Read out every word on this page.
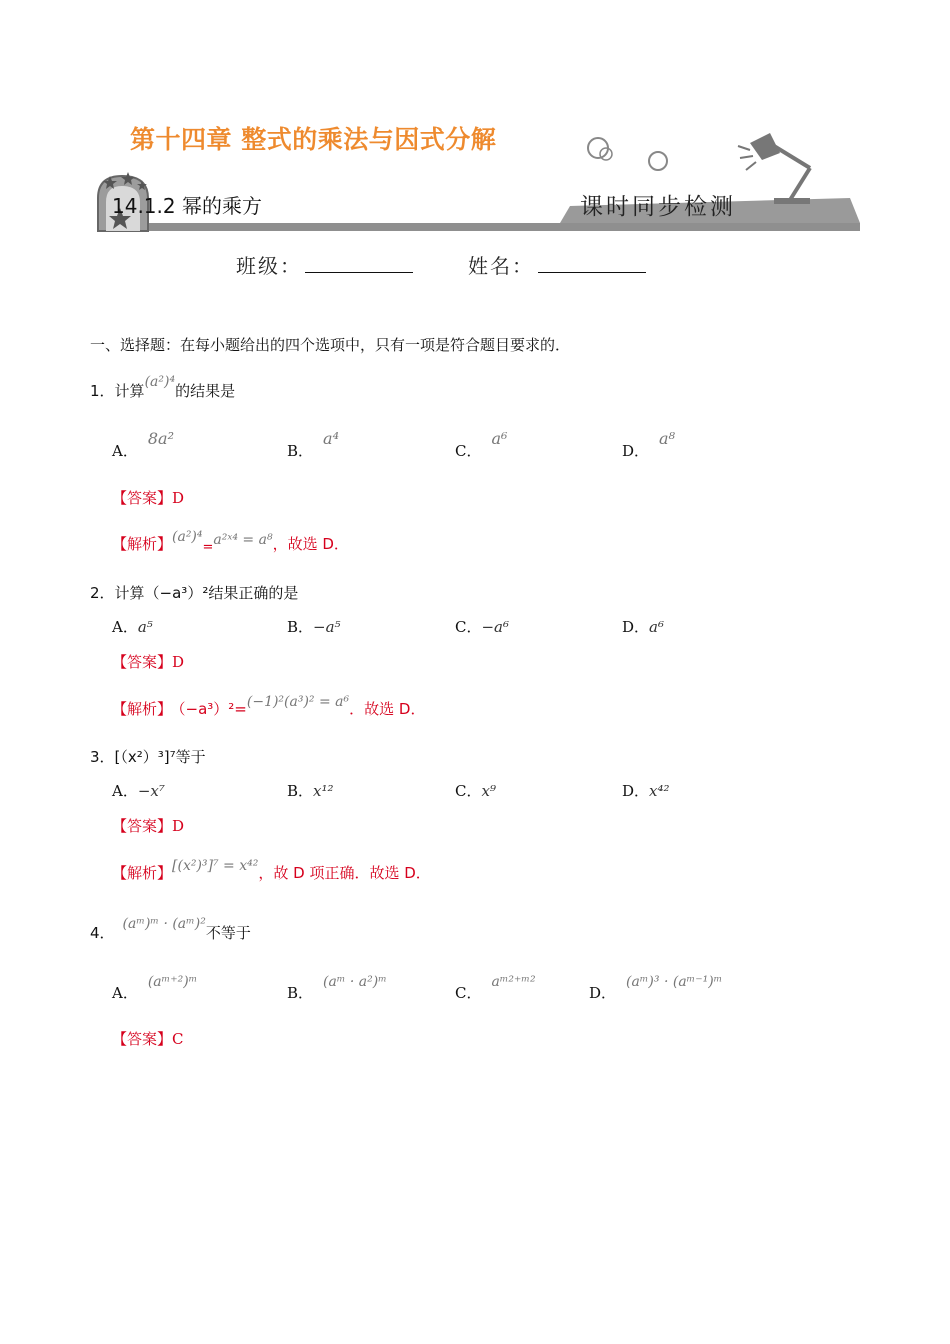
第十四章 整式的乘法与因式分解
14.1.2 幂的乘方	课时同步检测
班级：	姓名：
一、选择题：在每小题给出的四个选项中，只有一项是符合题目要求的．
1．计算(a²)⁴的结果是
A．8a²
B．a⁴
C．a⁶
D．a⁸
【答案】D
【解析】(a²)⁴=a²ˣ⁴ = a⁸，故选 D．
2．计算（−a³）²结果正确的是
A．a⁵	B．−a⁵	C．−a⁶	D．a⁶
【答案】D
【解析】 （−a³）²=(−1)²(a³)² = a⁶．故选 D．
3．[（x²）³]⁷等于
A．−x⁷	B．x¹²	C．x⁹	D．x⁴²
【答案】D
【解析】[(x²)³]⁷ = x⁴²，故 D 项正确．故选 D．
4． (aᵐ)ᵐ · (aᵐ)²不等于
A．(aᵐ⁺²)ᵐ
B．(aᵐ · a²)ᵐ
C．aᵐ²⁺ᵐ²
D．(aᵐ)³ · (aᵐ⁻¹)ᵐ
【答案】C
